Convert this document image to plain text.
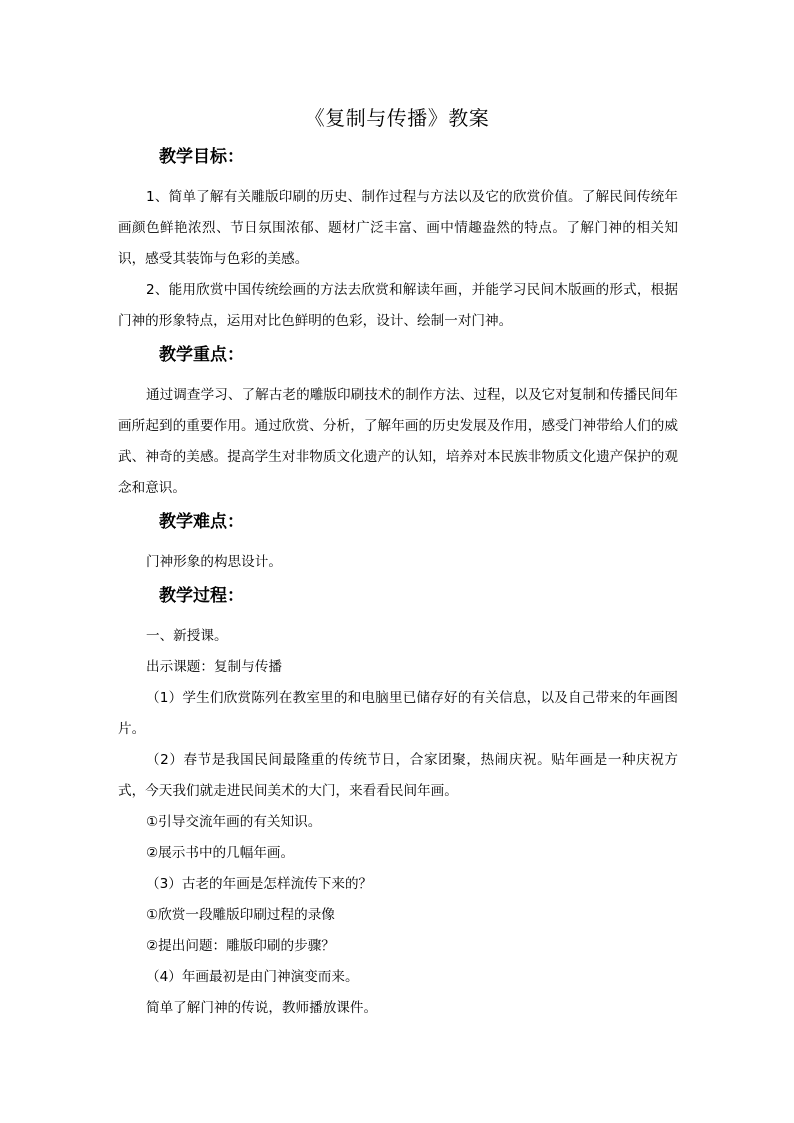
《复制与传播》教案
教学目标：

1、简单了解有关雕版印刷的历史、制作过程与方法以及它的欣赏价值。了解民间传统年画颜色鲜艳浓烈、节日氛围浓郁、题材广泛丰富、画中情趣盎然的特点。了解门神的相关知识，感受其装饰与色彩的美感。

2、能用欣赏中国传统绘画的方法去欣赏和解读年画，并能学习民间木版画的形式，根据门神的形象特点，运用对比色鲜明的色彩，设计、绘制一对门神。

教学重点：

通过调查学习、了解古老的雕版印刷技术的制作方法、过程，以及它对复制和传播民间年画所起到的重要作用。通过欣赏、分析，了解年画的历史发展及作用，感受门神带给人们的威武、神奇的美感。提高学生对非物质文化遗产的认知，培养对本民族非物质文化遗产保护的观念和意识。

教学难点：

门神形象的构思设计。

教学过程：

一、新授课。

出示课题：复制与传播

（1）学生们欣赏陈列在教室里的和电脑里已储存好的有关信息，以及自己带来的年画图片。

（2）春节是我国民间最隆重的传统节日，合家团聚，热闹庆祝。贴年画是一种庆祝方式，今天我们就走进民间美术的大门，来看看民间年画。

①引导交流年画的有关知识。

②展示书中的几幅年画。

（3）古老的年画是怎样流传下来的？

①欣赏一段雕版印刷过程的录像

②提出问题：雕版印刷的步骤？

（4）年画最初是由门神演变而来。

简单了解门神的传说，教师播放课件。
